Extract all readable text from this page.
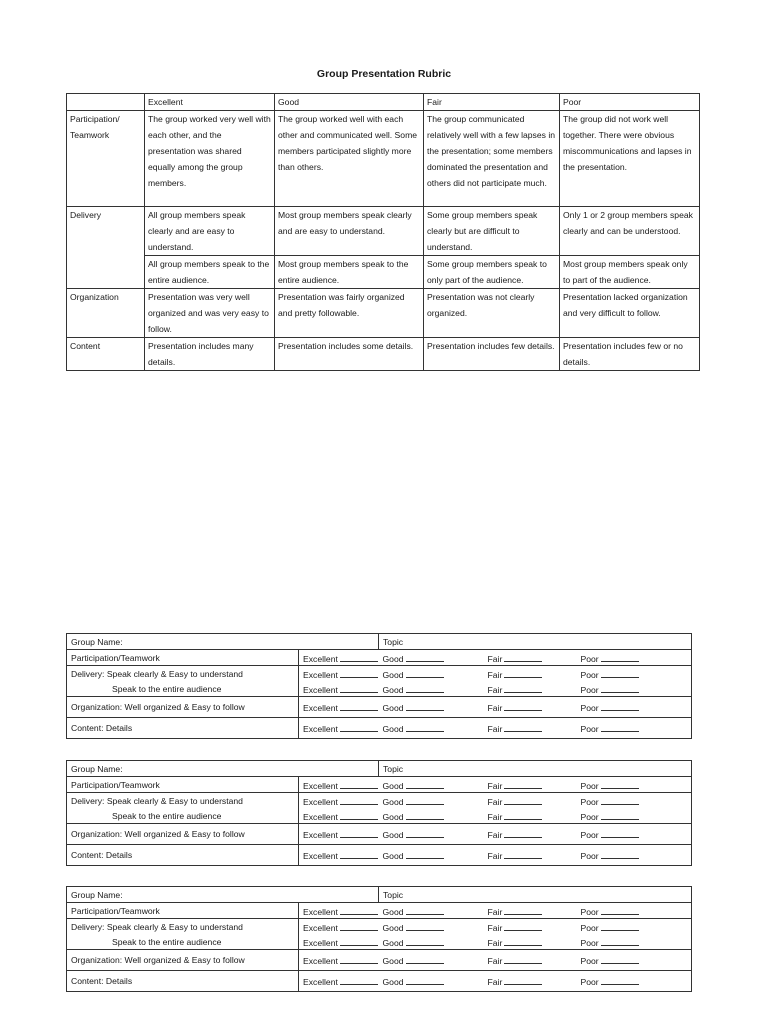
Group Presentation Rubric
	Excellent	Good	Fair	Poor
Participation/ Teamwork	The group worked very well with each other, and the presentation was shared equally among the group members.	The group worked well with each other and communicated well. Some members participated slightly more than others.	The group communicated relatively well with a few lapses in the presentation; some members dominated the presentation and others did not participate much.	The group did not work well together. There were obvious miscommunications and lapses in the presentation.
Delivery	All group members speak clearly and are easy to understand.	Most group members speak clearly and are easy to understand.	Some group members speak clearly but are difficult to understand.	Only 1 or 2 group members speak clearly and can be understood.
	All group members speak to the entire audience.	Most group members speak to the entire audience.	Some group members speak to only part of the audience.	Most group members speak only to part of the audience.
Organization	Presentation was very well organized and was very easy to follow.	Presentation was fairly organized and pretty followable.	Presentation was not clearly organized.	Presentation lacked organization and very difficult to follow.
Content	Presentation includes many details.	Presentation includes some details.	Presentation includes few details.	Presentation includes few or no details.
Group Name:		Topic			
Participation/Teamwork	Excellent	Good	Fair	Poor	
Delivery: Speak clearly & Easy to understand	Excellent	Good	Fair	Poor	
Speak to the entire audience	Excellent	Good	Fair	Poor	
Organization: Well organized & Easy to follow	Excellent	Good	Fair	Poor	
Content: Details	Excellent	Good	Fair	Poor	
Group Name:		Topic			
Participation/Teamwork	Excellent	Good	Fair	Poor	
Delivery: Speak clearly & Easy to understand	Excellent	Good	Fair	Poor	
Speak to the entire audience	Excellent	Good	Fair	Poor	
Organization: Well organized & Easy to follow	Excellent	Good	Fair	Poor	
Content: Details	Excellent	Good	Fair	Poor	
Group Name:		Topic			
Participation/Teamwork	Excellent	Good	Fair	Poor	
Delivery: Speak clearly & Easy to understand	Excellent	Good	Fair	Poor	
Speak to the entire audience	Excellent	Good	Fair	Poor	
Organization: Well organized & Easy to follow	Excellent	Good	Fair	Poor	
Content: Details	Excellent	Good	Fair	Poor	
